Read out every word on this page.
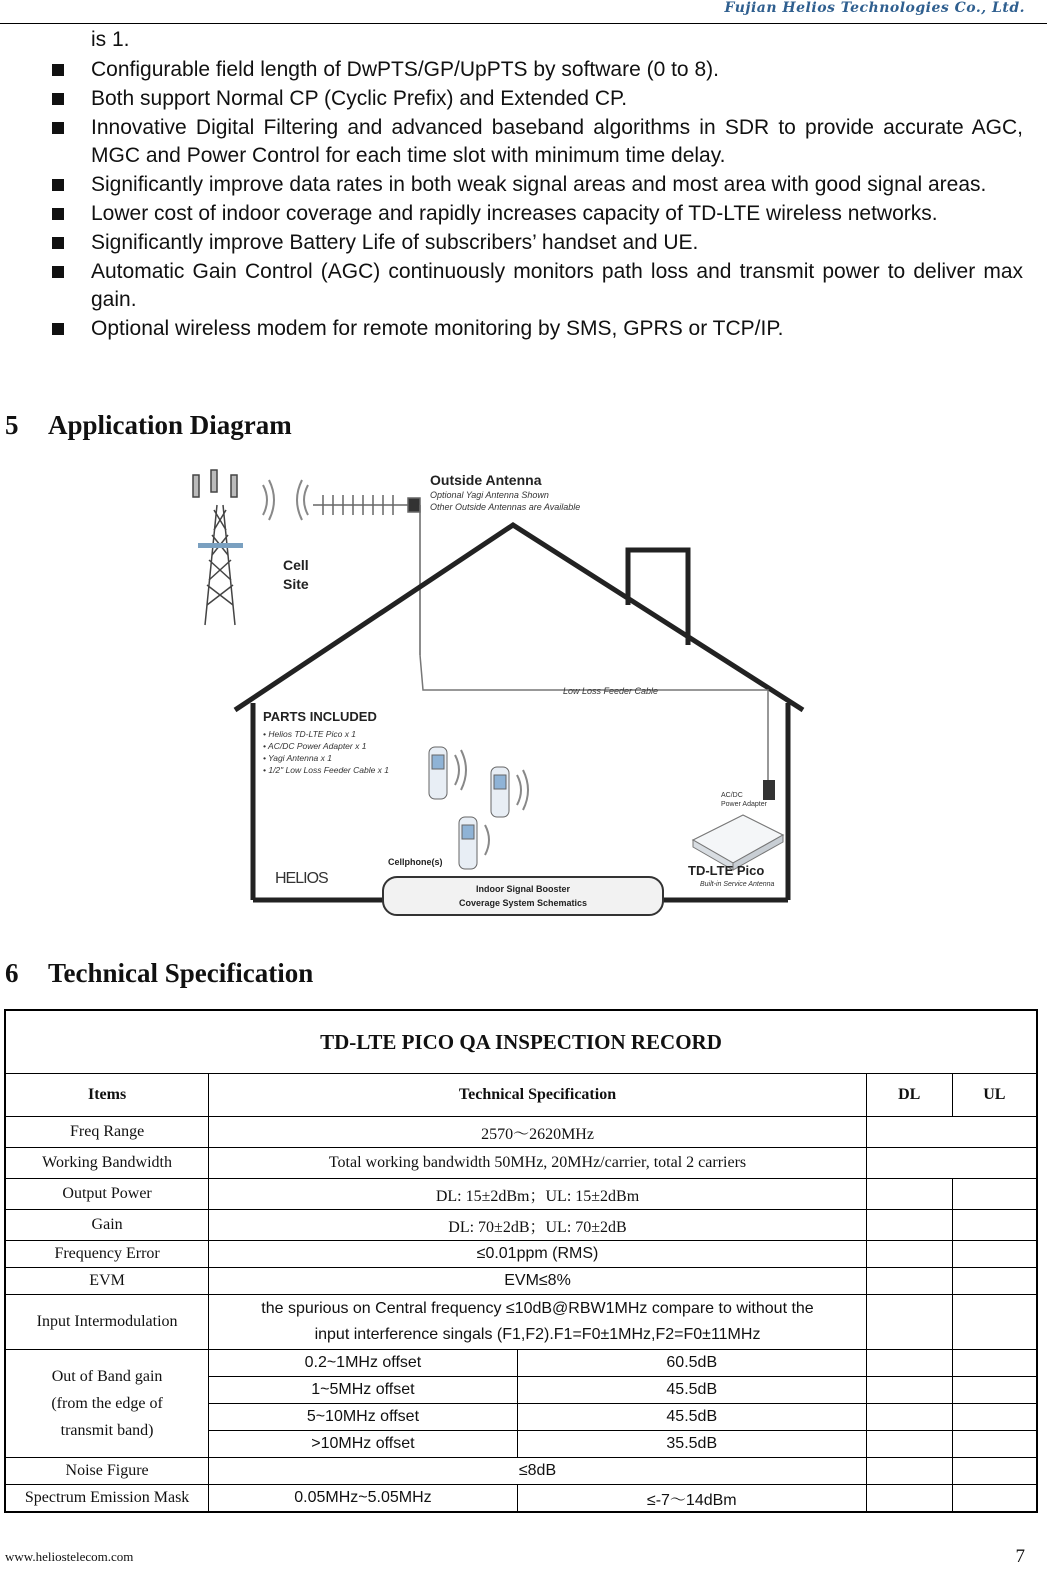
Fujian Helios Technologies Co., Ltd.
is 1.
Configurable field length of DwPTS/GP/UpPTS by software (0 to 8).
Both support Normal CP (Cyclic Prefix) and Extended CP.
Innovative Digital Filtering and advanced baseband algorithms in SDR to provide accurate AGC, MGC and Power Control for each time slot with minimum time delay.
Significantly improve data rates in both weak signal areas and most area with good signal areas.
Lower cost of indoor coverage and rapidly increases capacity of TD-LTE wireless networks.
Significantly improve Battery Life of subscribers’ handset and UE.
Automatic Gain Control (AGC) continuously monitors path loss and transmit power to deliver max gain.
Optional wireless modem for remote monitoring by SMS, GPRS or TCP/IP.
5 Application Diagram
Outside Antenna
Optional Yagi Antenna Shown
Other Outside Antennas are Available
Cell
Site
Low Loss Feeder Cable
PARTS INCLUDED
• Helios TD-LTE Pico x 1
• AC/DC Power Adapter x 1
• Yagi Antenna x 1
• 1/2" Low Loss Feeder Cable x 1
AC/DC
Power Adapter
TD-LTE Pico
Built-in Service Antenna
HELIOS
Cellphone(s)
Indoor Signal Booster
Coverage System Schematics
6 Technical Specification
TD-LTE PICO QA INSPECTION RECORD				
Items	Technical Specification		DL	UL
Freq Range	2570～2620MHz			
Working Bandwidth	Total working bandwidth 50MHz, 20MHz/carrier, total 2 carriers			
Output Power	DL: 15±2dBm；UL: 15±2dBm			
Gain	DL: 70±2dB；UL: 70±2dB			
Frequency Error	≤0.01ppm (RMS)			
EVM	EVM≤8%			
Input Intermodulation	the spurious on Central frequency ≤10dB@RBW1MHz compare to without the
input interference singals (F1,F2).F1=F0±1MHz,F2=F0±11MHz			

Out of Band gain
(from the edge of
transmit band)	0.2~1MHz offset	60.5dB		
	1~5MHz offset	45.5dB		
	5~10MHz offset	45.5dB		
	>10MHz offset	35.5dB		
Noise Figure	≤8dB			
Spectrum Emission Mask	0.05MHz~5.05MHz	≤-7～14dBm		
www.heliostelecom.com	7
